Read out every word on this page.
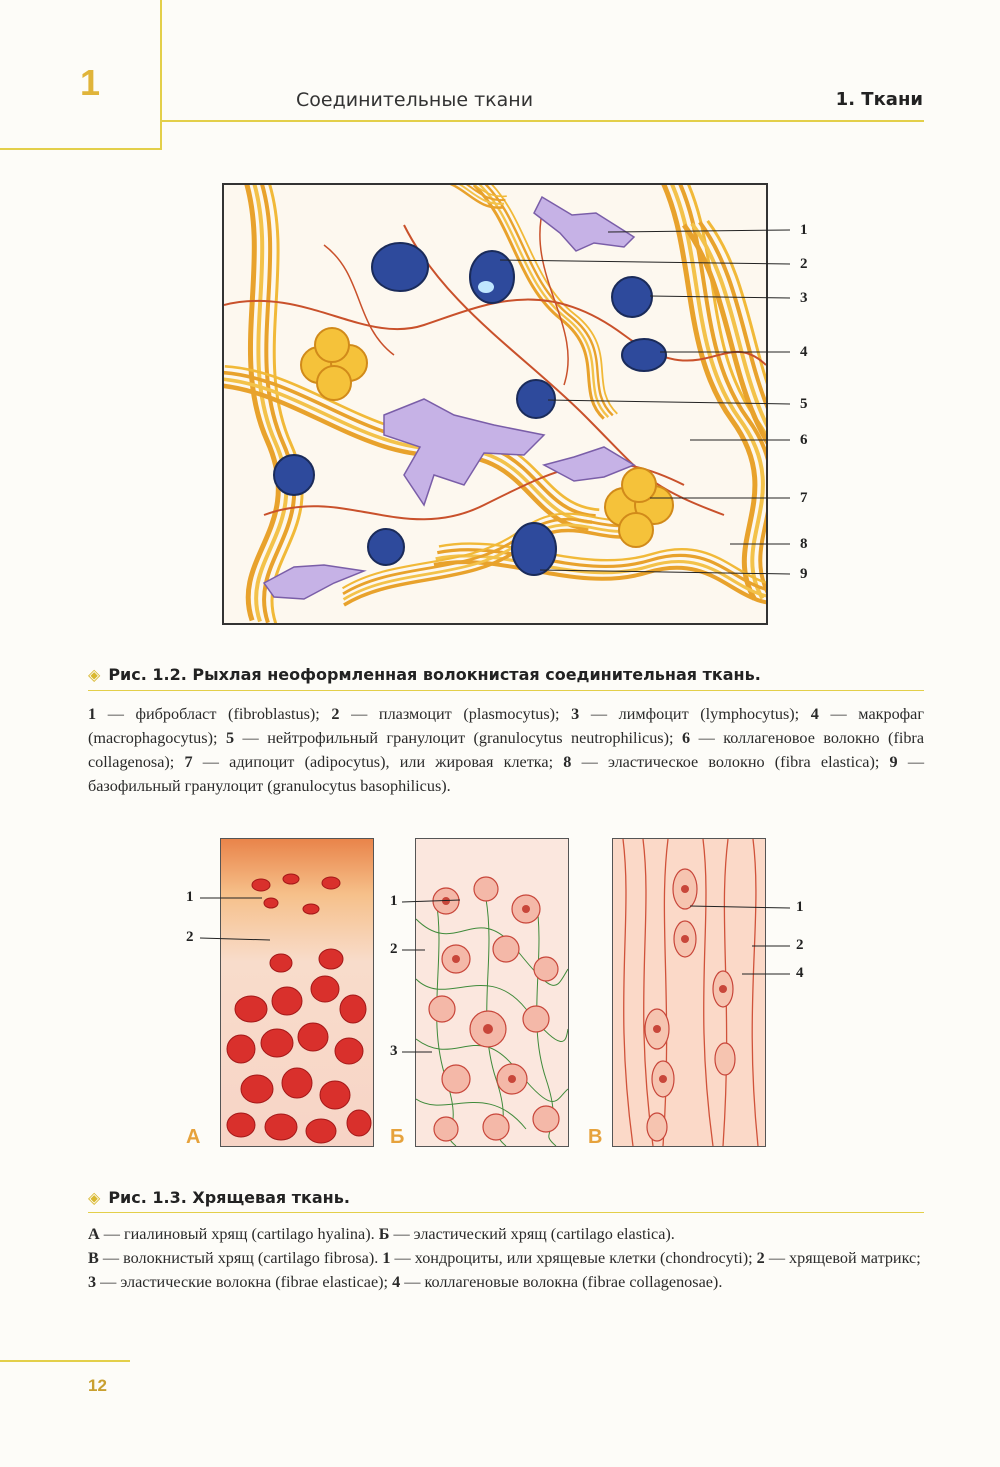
1	Соединительные ткани	1. Ткани
1
2
3
4
5
6
7
8
9
◈ Рис. 1.2. Рыхлая неоформленная волокнистая соединительная ткань.
1 — фибробласт (fibroblastus); 2 — плазмоцит (plasmocytus); 3 — лимфоцит (lymphocytus); 4 — макрофаг (macrophagocytus); 5 — нейтрофильный гранулоцит (granulocytus neutrophilicus); 6 — коллагеновое волокно (fibra collagenosa); 7 — адипоцит (adipocytus), или жировая клетка; 8 — эластическое волокно (fibra elastica); 9 — базофильный гранулоцит (granulocytus basophilicus).
1
2
1
2
3
1
2
4
А	Б	В
◈ Рис. 1.3. Хрящевая ткань.
А — гиалиновый хрящ (cartilago hyalina). Б — эластический хрящ (cartilago elastica).
В — волокнистый хрящ (cartilago fibrosa). 1 — хондроциты, или хрящевые клетки (chondrocyti); 2 — хрящевой матрикс; 3 — эластические волокна (fibrae elasticae); 4 — коллагеновые волокна (fibrae collagenosae).
12
